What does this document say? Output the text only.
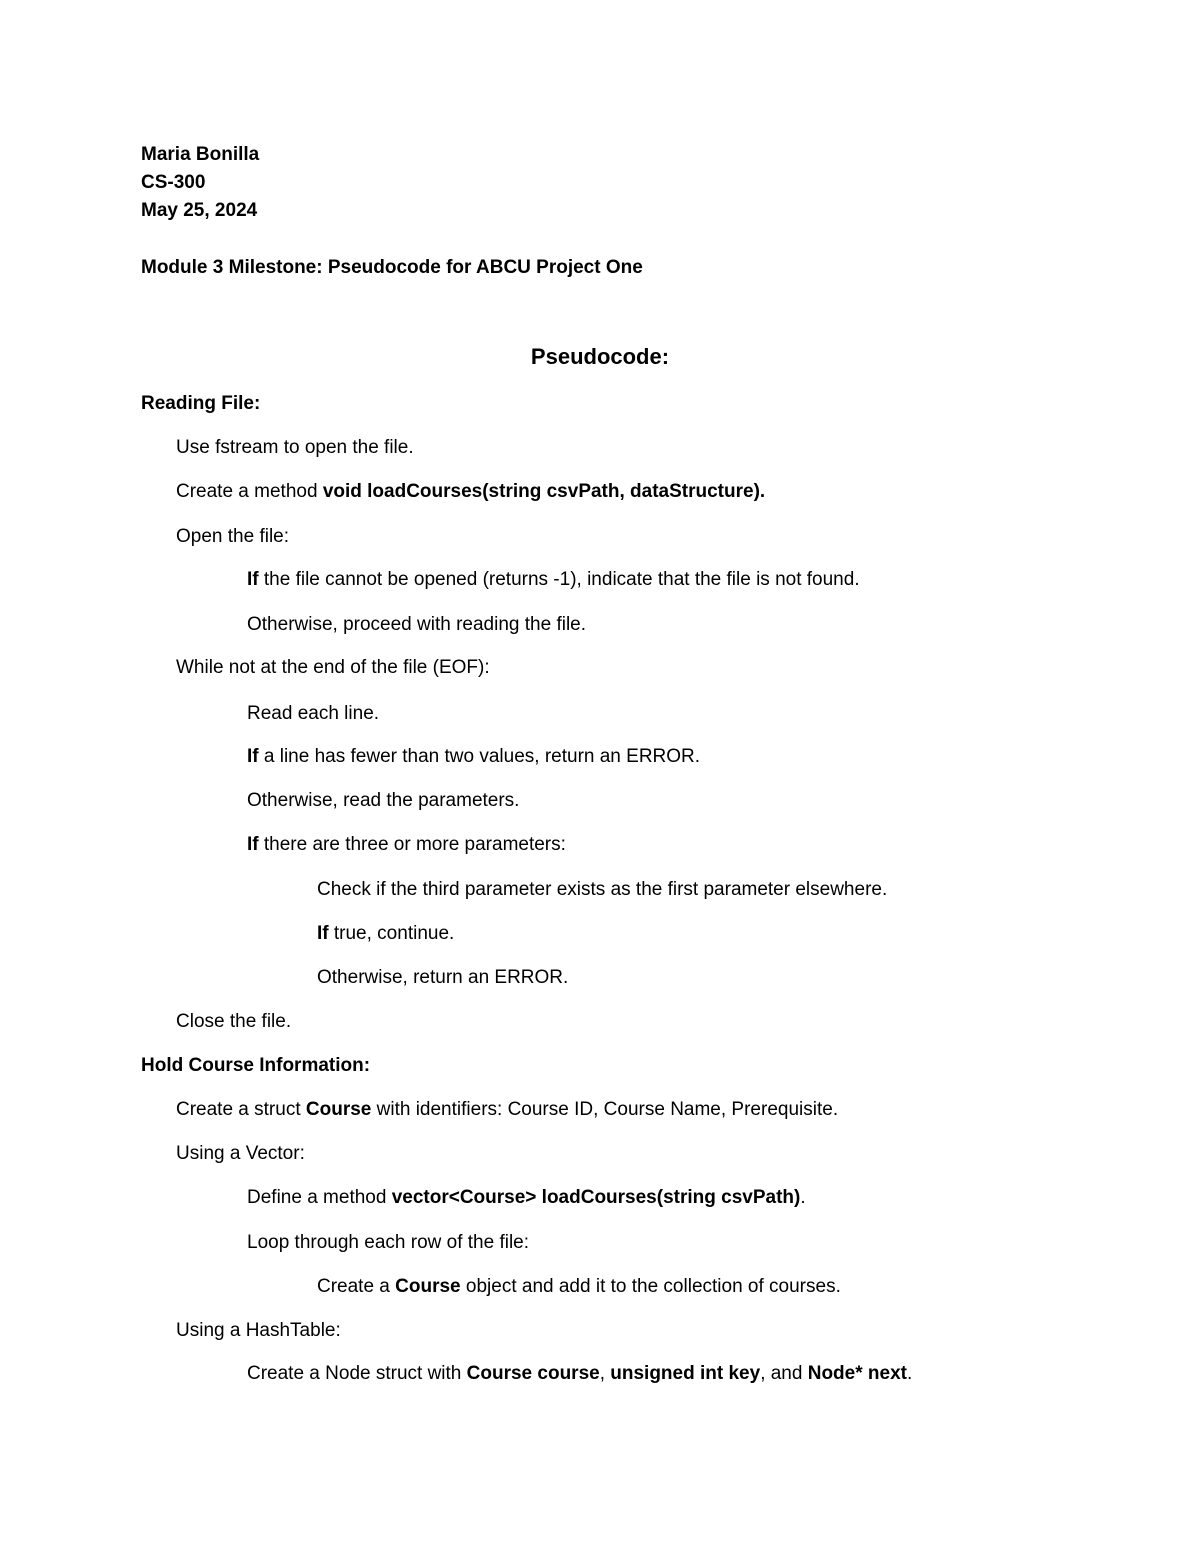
Maria Bonilla
CS-300
May 25, 2024
Module 3 Milestone: Pseudocode for ABCU Project One
Pseudocode:
Reading File:
Use fstream to open the file.
Create a method void loadCourses(string csvPath, dataStructure).
Open the file:
If the file cannot be opened (returns -1), indicate that the file is not found.
Otherwise, proceed with reading the file.
While not at the end of the file (EOF):
Read each line.
If a line has fewer than two values, return an ERROR.
Otherwise, read the parameters.
If there are three or more parameters:
Check if the third parameter exists as the first parameter elsewhere.
If true, continue.
Otherwise, return an ERROR.
Close the file.
Hold Course Information:
Create a struct Course with identifiers: Course ID, Course Name, Prerequisite.
Using a Vector:
Define a method vector<Course> loadCourses(string csvPath).
Loop through each row of the file:
Create a Course object and add it to the collection of courses.
Using a HashTable:
Create a Node struct with Course course, unsigned int key, and Node* next.
